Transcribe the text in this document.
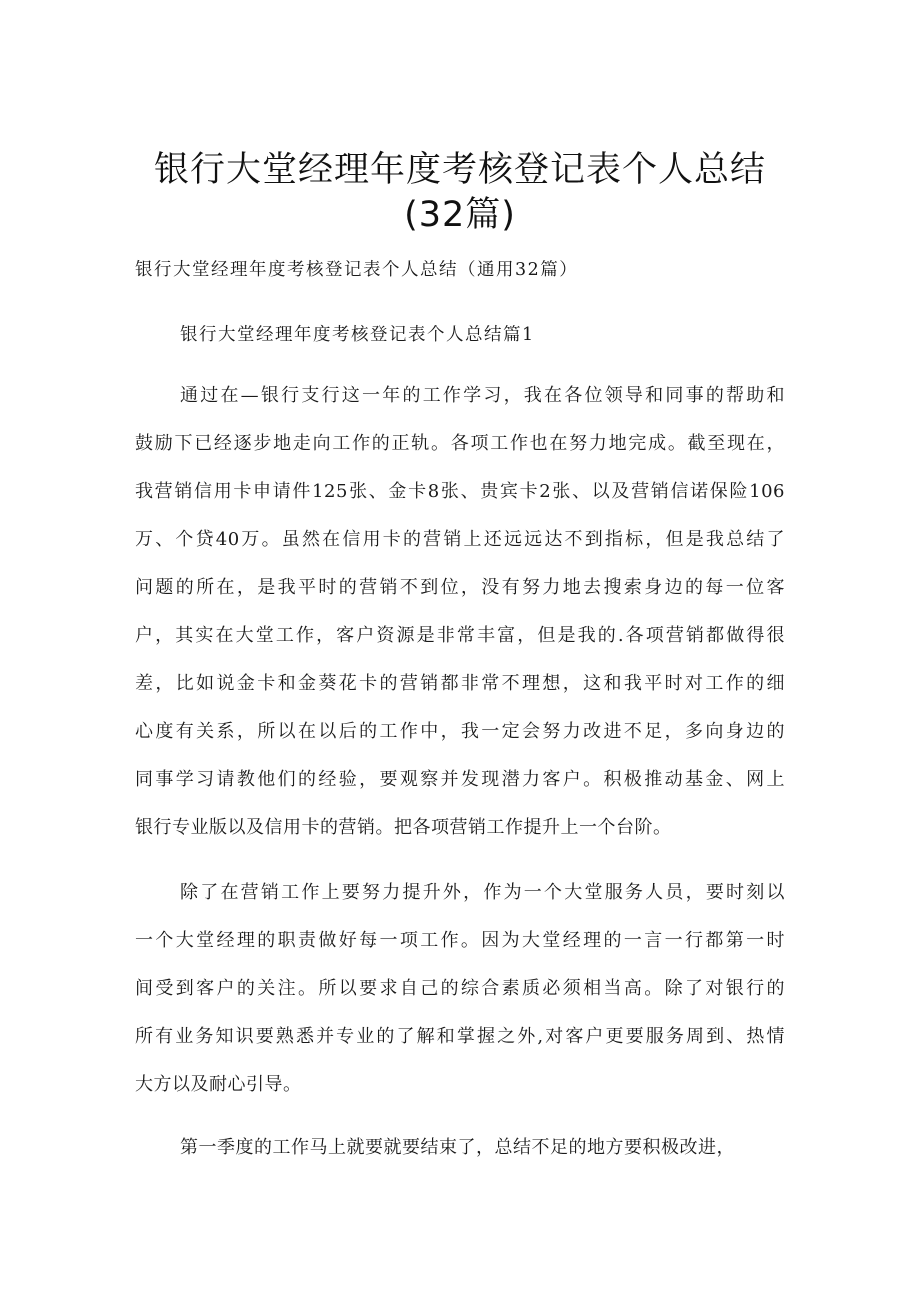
银行大堂经理年度考核登记表个人总结
(32篇)
银行大堂经理年度考核登记表个人总结（通用32篇）
银行大堂经理年度考核登记表个人总结篇1
通过在—银行支行这一年的工作学习，我在各位领导和同事的帮助和
鼓励下已经逐步地走向工作的正轨。各项工作也在努力地完成。截至现在，
我营销信用卡申请件125张、金卡8张、贵宾卡2张、以及营销信诺保险106
万、个贷40万。虽然在信用卡的营销上还远远达不到指标，但是我总结了
问题的所在，是我平时的营销不到位，没有努力地去搜索身边的每一位客
户，其实在大堂工作，客户资源是非常丰富，但是我的.各项营销都做得很
差，比如说金卡和金葵花卡的营销都非常不理想，这和我平时对工作的细
心度有关系，所以在以后的工作中，我一定会努力改进不足，多向身边的
同事学习请教他们的经验，要观察并发现潜力客户。积极推动基金、网上
银行专业版以及信用卡的营销。把各项营销工作提升上一个台阶。
除了在营销工作上要努力提升外，作为一个大堂服务人员，要时刻以
一个大堂经理的职责做好每一项工作。因为大堂经理的一言一行都第一时
间受到客户的关注。所以要求自己的综合素质必须相当高。除了对银行的
所有业务知识要熟悉并专业的了解和掌握之外,对客户更要服务周到、热情
大方以及耐心引导。
第一季度的工作马上就要就要结束了，总结不足的地方要积极改进，
